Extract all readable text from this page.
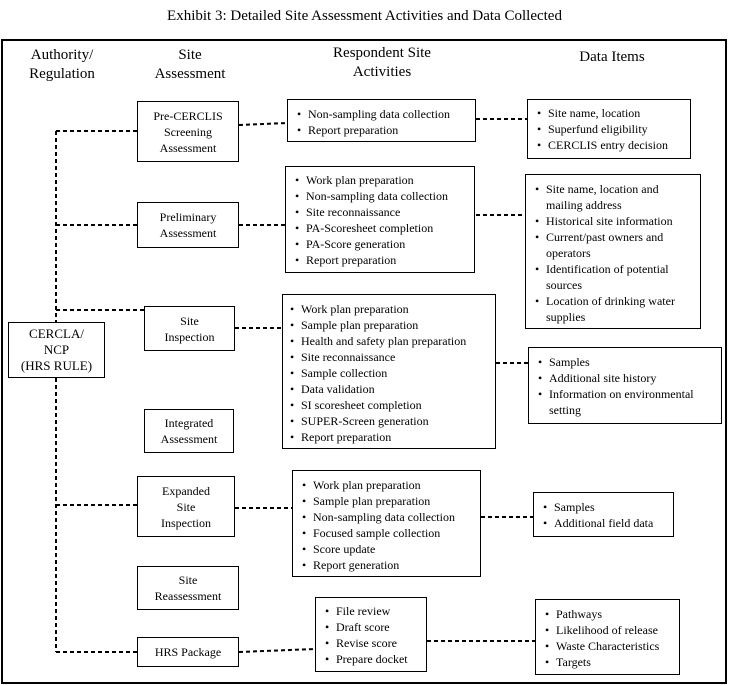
Exhibit 3: Detailed Site Assessment Activities and Data Collected
Authority/
Regulation
Site
Assessment
Respondent Site
Activities
Data Items
CERCLA/
NCP
(HRS RULE)
Pre-CERCLIS
Screening
Assessment
Preliminary
Assessment
Site
Inspection
Integrated
Assessment
Expanded
Site
Inspection
Site
Reassessment
HRS Package
• Non-sampling data collection
• Report preparation
• Work plan preparation
• Non-sampling data collection
• Site reconnaissance
• PA-Scoresheet completion
• PA-Score generation
• Report preparation
• Work plan preparation
• Sample plan preparation
• Health and safety plan preparation
• Site reconnaissance
• Sample collection
• Data validation
• SI scoresheet completion
• SUPER-Screen generation
• Report preparation
• Work plan preparation
• Sample plan preparation
• Non-sampling data collection
• Focused sample collection
• Score update
• Report generation
• File review
• Draft score
• Revise score
• Prepare docket
• Site name, location
• Superfund eligibility
• CERCLIS entry decision
• Site name, location and mailing address
• Historical site information
• Current/past owners and operators
• Identification of potential sources
• Location of drinking water supplies
• Samples
• Additional site history
• Information on environmental setting
• Samples
• Additional field data
• Pathways
• Likelihood of release
• Waste Characteristics
• Targets
